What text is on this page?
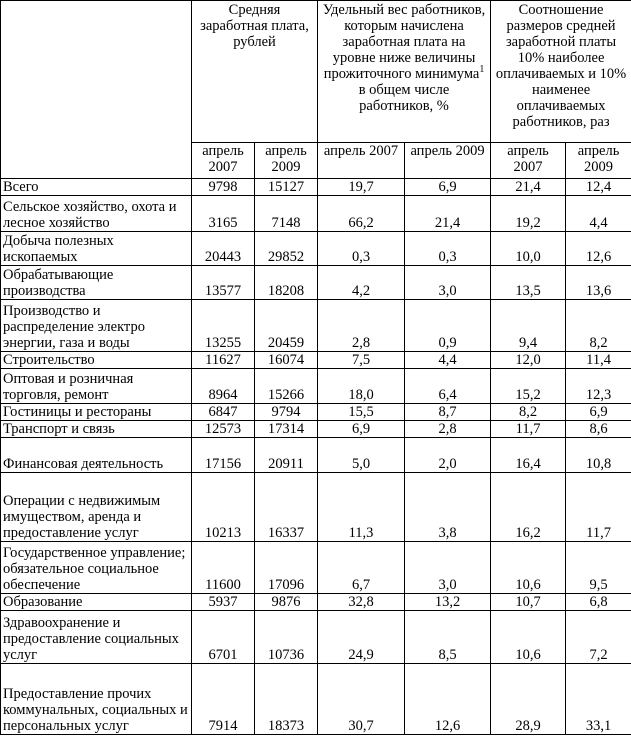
	Средняя заработная плата, рублей		Удельный вес работников, которым начислена заработная плата на уровне ниже величины прожиточного минимума$^1$ в общем числе работников, %		Соотношение размеров средней заработной платы 10% наиболее оплачиваемых и 10% наименее оплачиваемых работников, раз	
	апрель 2007	апрель 2009	апрель 2007	апрель 2009	апрель 2007	апрель 2009
Всего	9798	15127	19,7	6,9	21,4	12,4
Сельское хозяйство, охота и лесное хозяйство	3165	7148	66,2	21,4	19,2	4,4
Добыча полезных ископаемых	20443	29852	0,3	0,3	10,0	12,6
Обрабатывающие производства	13577	18208	4,2	3,0	13,5	13,6
Производство и распределение электро энергии, газа и воды	13255	20459	2,8	0,9	9,4	8,2
Строительство	11627	16074	7,5	4,4	12,0	11,4
Оптовая и розничная торговля, ремонт	8964	15266	18,0	6,4	15,2	12,3
Гостиницы и рестораны	6847	9794	15,5	8,7	8,2	6,9
Транспорт и связь	12573	17314	6,9	2,8	11,7	8,6
Финансовая деятельность	17156	20911	5,0	2,0	16,4	10,8
Операции с недвижимым имуществом, аренда и предоставление услуг	10213	16337	11,3	3,8	16,2	11,7
Государственное управление; обязательное социальное обеспечение	11600	17096	6,7	3,0	10,6	9,5
Образование	5937	9876	32,8	13,2	10,7	6,8
Здравоохранение и предоставление социальных услуг	6701	10736	24,9	8,5	10,6	7,2
Предоставление прочих коммунальных, социальных и персональных услуг	7914	18373	30,7	12,6	28,9	33,1
